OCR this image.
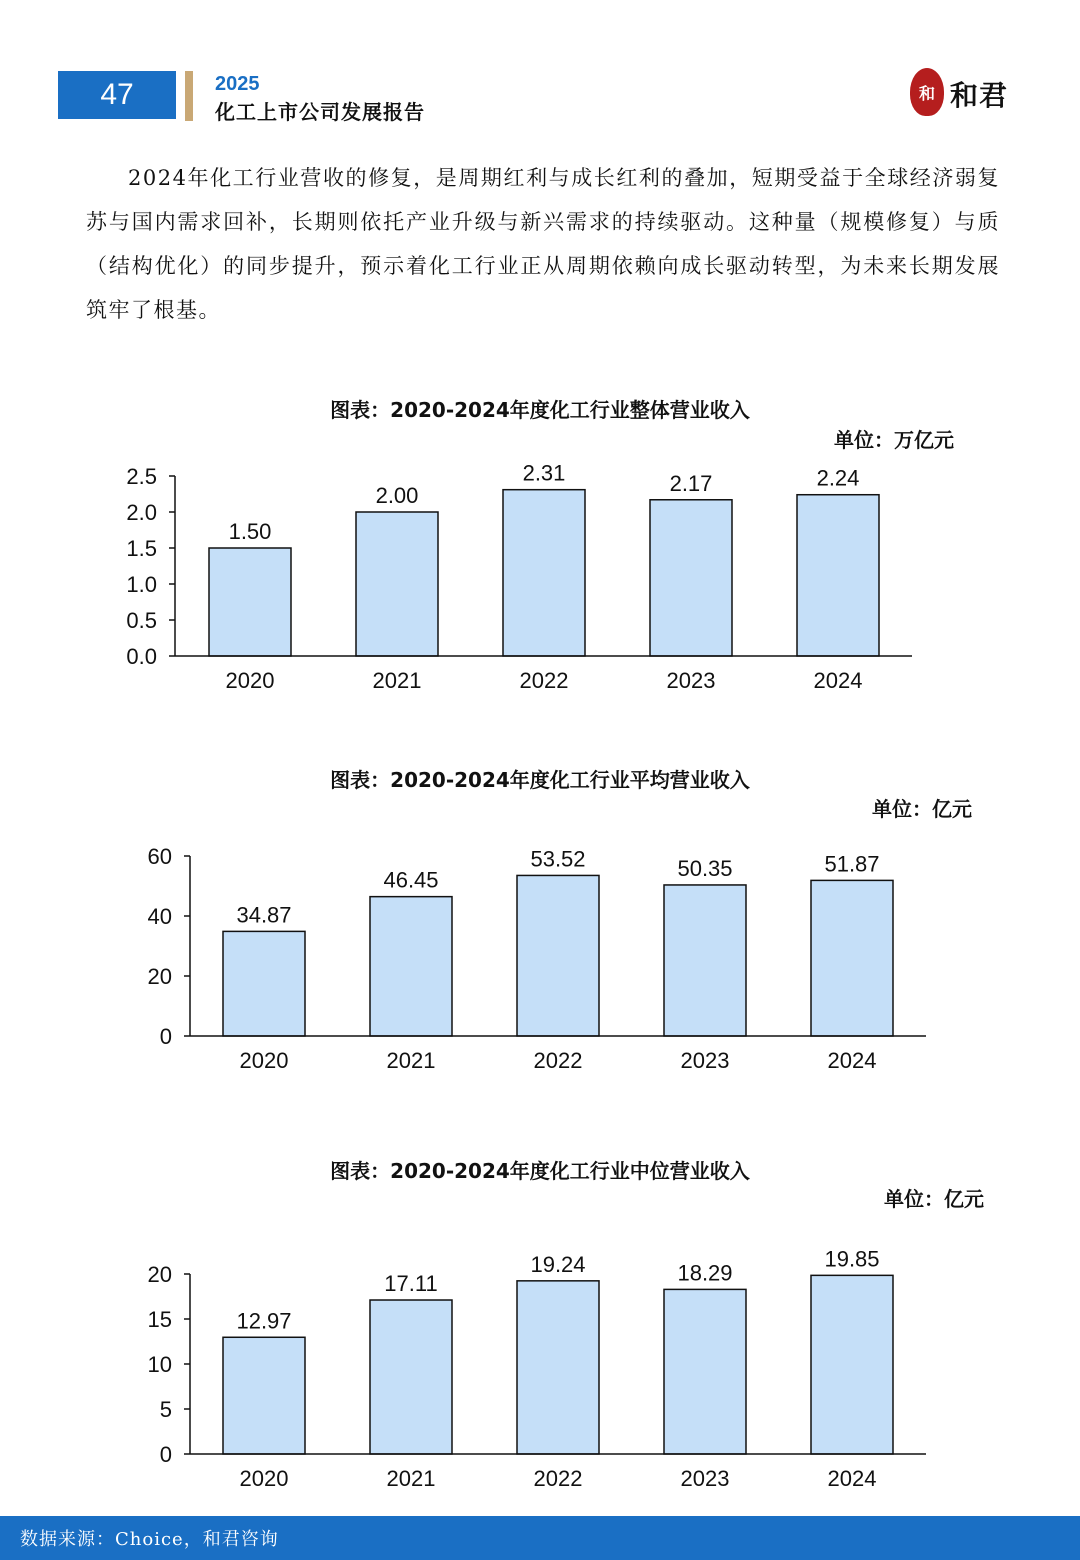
47	2025
化工上市公司发展报告
和 和君

2024年化工行业营收的修复，是周期红利与成长红利的叠加，短期受益于全球经济弱复苏与国内需求回补，长期则依托产业升级与新兴需求的持续驱动。这种量（规模修复）与质（结构优化）的同步提升，预示着化工行业正从周期依赖向成长驱动转型，为未来长期发展筑牢了根基。

图表：2020-2024年度化工行业整体营业收入
单位：万亿元
1.50
2020
2.00
2021
2.31
2022
2.17
2023
2.24
2024
0.0
0.5
1.0
1.5
2.0
2.5
图表：2020-2024年度化工行业平均营业收入
单位：亿元
34.87
2020
46.45
2021
53.52
2022
50.35
2023
51.87
2024
0
20
40
60
图表：2020-2024年度化工行业中位营业收入
单位：亿元
12.97
2020
17.11
2021
19.24
2022
18.29
2023
19.85
2024
0
5
10
15
20
数据来源：Choice，和君咨询
